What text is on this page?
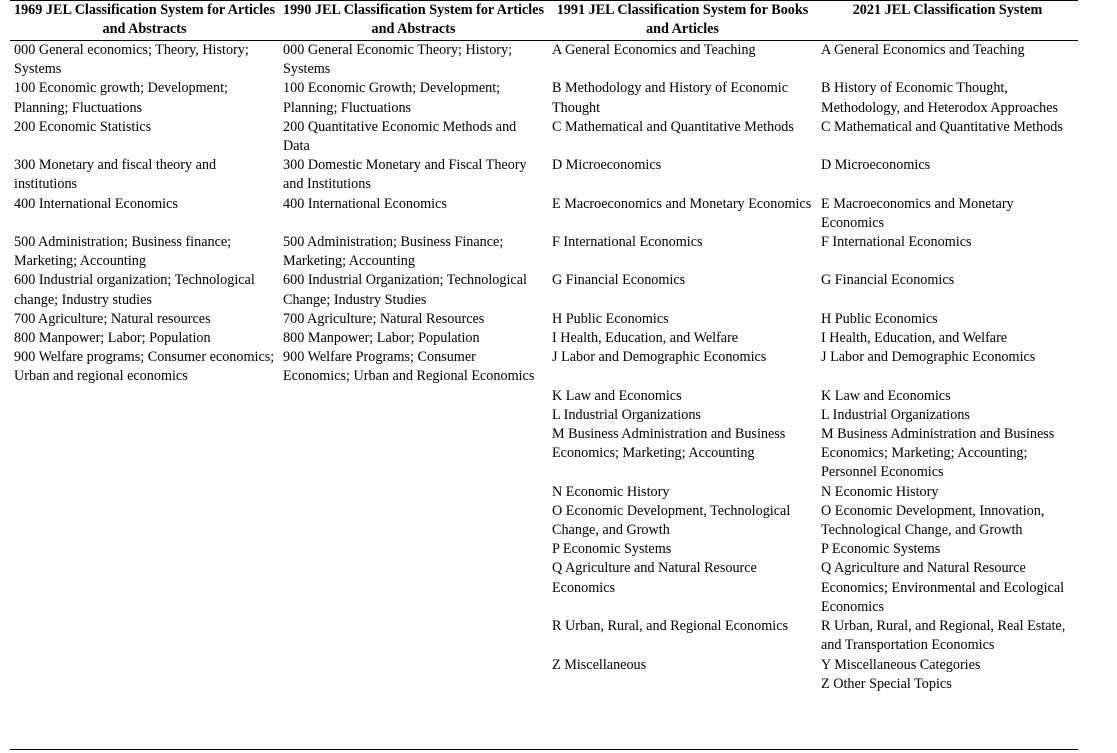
1969 JEL Classification System for Articles and Abstracts	1990 JEL Classification System for Articles and Abstracts	1991 JEL Classification System for Books and Articles	2021 JEL Classification System
000 General economics; Theory, History; Systems	000 General Economic Theory; History; Systems	A General Economics and Teaching	A General Economics and Teaching
100 Economic growth; Development; Planning; Fluctuations	100 Economic Growth; Development; Planning; Fluctuations	B Methodology and History of Economic Thought	B History of Economic Thought, Methodology, and Heterodox Approaches
200 Economic Statistics	200 Quantitative Economic Methods and Data	C Mathematical and Quantitative Methods	C Mathematical and Quantitative Methods
300 Monetary and fiscal theory and institutions	300 Domestic Monetary and Fiscal Theory and Institutions	D Microeconomics	D Microeconomics
400 International Economics	400 International Economics	E Macroeconomics and Monetary Economics	E Macroeconomics and Monetary Economics
500 Administration; Business finance; Marketing; Accounting	500 Administration; Business Finance; Marketing; Accounting	F International Economics	F International Economics
600 Industrial organization; Technological change; Industry studies	600 Industrial Organization; Technological Change; Industry Studies	G Financial Economics	G Financial Economics
700 Agriculture; Natural resources	700 Agriculture; Natural Resources	H Public Economics	H Public Economics
800 Manpower; Labor; Population	800 Manpower; Labor; Population	I Health, Education, and Welfare	I Health, Education, and Welfare
900 Welfare programs; Consumer economics; Urban and regional economics	900 Welfare Programs; Consumer Economics; Urban and Regional Economics	J Labor and Demographic Economics	J Labor and Demographic Economics
		K Law and Economics	K Law and Economics
		L Industrial Organizations	L Industrial Organizations
		M Business Administration and Business Economics; Marketing; Accounting	M Business Administration and Business Economics; Marketing; Accounting; Personnel Economics
		N Economic History	N Economic History
		O Economic Development, Technological Change, and Growth	O Economic Development, Innovation, Technological Change, and Growth
		P Economic Systems	P Economic Systems
		Q Agriculture and Natural Resource Economics	Q Agriculture and Natural Resource Economics; Environmental and Ecological Economics
		R Urban, Rural, and Regional Economics	R Urban, Rural, and Regional, Real Estate, and Transportation Economics
		Z Miscellaneous	Y Miscellaneous Categories
			Z Other Special Topics
